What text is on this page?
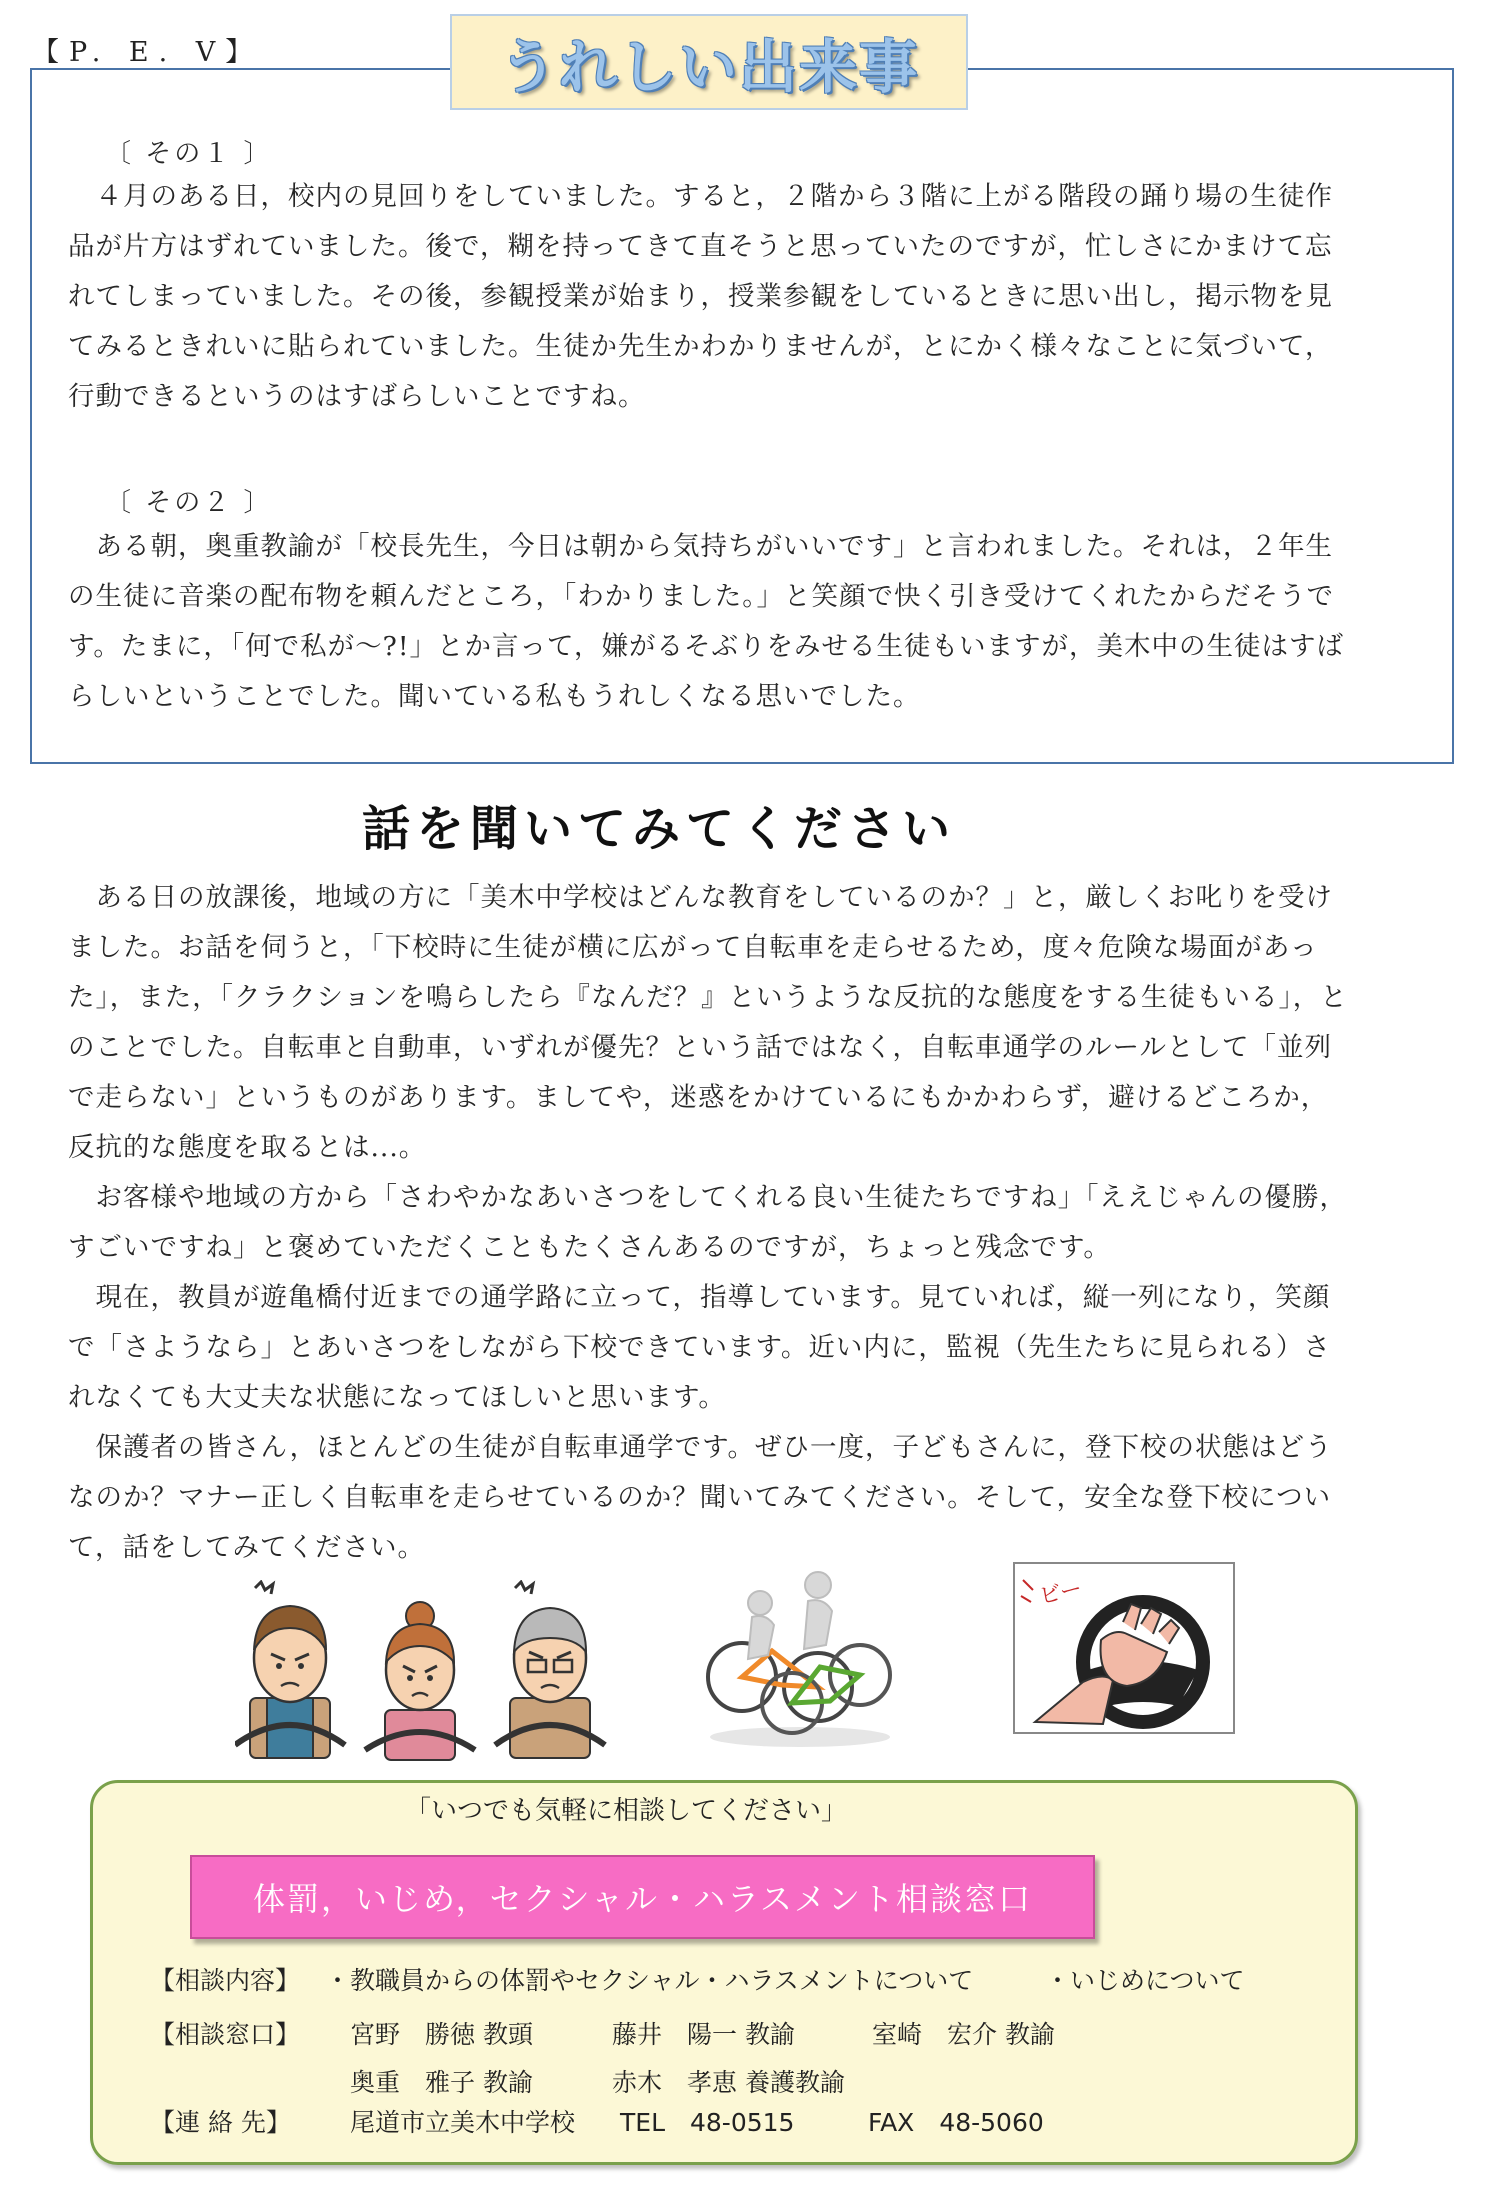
【P. E. V】	うれしい出来事
〔 その１ 〕
　４月のある日，校内の見回りをしていました。すると，２階から３階に上がる階段の踊り場の生徒作
品が片方はずれていました。後で，糊を持ってきて直そうと思っていたのですが，忙しさにかまけて忘
れてしまっていました。その後，参観授業が始まり，授業参観をしているときに思い出し，掲示物を見
てみるときれいに貼られていました。生徒か先生かわかりませんが，とにかく様々なことに気づいて，
行動できるというのはすばらしいことですね。
〔 その２ 〕
　ある朝，奥重教諭が「校長先生，今日は朝から気持ちがいいです」と言われました。それは，２年生
の生徒に音楽の配布物を頼んだところ，「わかりました。」と笑顔で快く引き受けてくれたからだそうで
す。たまに，「何で私が～?!」とか言って，嫌がるそぶりをみせる生徒もいますが，美木中の生徒はすば
らしいということでした。聞いている私もうれしくなる思いでした。
話を聞いてみてください
　ある日の放課後，地域の方に「美木中学校はどんな教育をしているのか？」と，厳しくお叱りを受け
ました。お話を伺うと，「下校時に生徒が横に広がって自転車を走らせるため，度々危険な場面があっ
た」，また，「クラクションを鳴らしたら『なんだ？』というような反抗的な態度をする生徒もいる」，と
のことでした。自転車と自動車，いずれが優先？という話ではなく，自転車通学のルールとして「並列
で走らない」というものがあります。ましてや，迷惑をかけているにもかかわらず，避けるどころか，
反抗的な態度を取るとは...。
　お客様や地域の方から「さわやかなあいさつをしてくれる良い生徒たちですね」「ええじゃんの優勝，
すごいですね」と褒めていただくこともたくさんあるのですが，ちょっと残念です。
　現在，教員が遊亀橋付近までの通学路に立って，指導しています。見ていれば，縦一列になり，笑顔
で「さようなら」とあいさつをしながら下校できています。近い内に，監視（先生たちに見られる）さ
れなくても大丈夫な状態になってほしいと思います。
　保護者の皆さん，ほとんどの生徒が自転車通学です。ぜひ一度，子どもさんに，登下校の状態はどう
なのか？マナー正しく自転車を走らせているのか？聞いてみてください。そして，安全な登下校につい
て，話をしてみてください。
ビー
「いつでも気軽に相談してください」
体罰，いじめ，セクシャル・ハラスメント相談窓口
【相談内容】 ・教職員からの体罰やセクシャル・ハラスメントについて	・いじめについて
【相談窓口】 宮野　勝徳 教頭	藤井　陽一 教諭	室崎　宏介 教諭
奥重　雅子 教諭	赤木　孝恵 養護教諭
【連 絡 先】 尾道市立美木中学校 TEL　48-0515	FAX　48-5060
